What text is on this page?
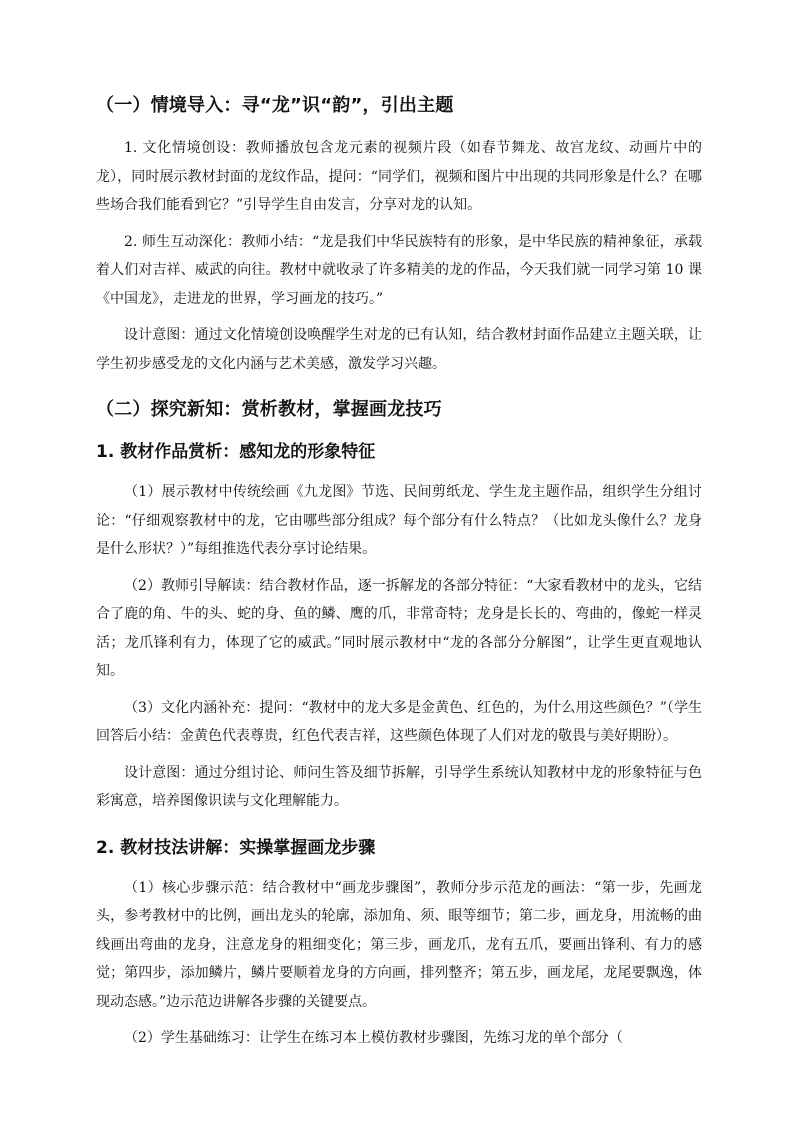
（一）情境导入：寻“龙”识“韵”，引出主题

1. 文化情境创设：教师播放包含龙元素的视频片段（如春节舞龙、故宫龙纹、动画片中的龙），同时展示教材封面的龙纹作品，提问：“同学们，视频和图片中出现的共同形象是什么？在哪些场合我们能看到它？”引导学生自由发言，分享对龙的认知。

2. 师生互动深化：教师小结：“龙是我们中华民族特有的形象，是中华民族的精神象征，承载着人们对吉祥、威武的向往。教材中就收录了许多精美的龙的作品，今天我们就一同学习第 10 课《中国龙》，走进龙的世界，学习画龙的技巧。”

设计意图：通过文化情境创设唤醒学生对龙的已有认知，结合教材封面作品建立主题关联，让学生初步感受龙的文化内涵与艺术美感，激发学习兴趣。

（二）探究新知：赏析教材，掌握画龙技巧
1. 教材作品赏析：感知龙的形象特征

（1）展示教材中传统绘画《九龙图》节选、民间剪纸龙、学生龙主题作品，组织学生分组讨论：“仔细观察教材中的龙，它由哪些部分组成？每个部分有什么特点？（比如龙头像什么？龙身是什么形状？）”每组推选代表分享讨论结果。

（2）教师引导解读：结合教材作品，逐一拆解龙的各部分特征：“大家看教材中的龙头，它结合了鹿的角、牛的头、蛇的身、鱼的鳞、鹰的爪，非常奇特；龙身是长长的、弯曲的，像蛇一样灵活；龙爪锋利有力，体现了它的威武。”同时展示教材中“龙的各部分分解图”，让学生更直观地认知。

（3）文化内涵补充：提问：“教材中的龙大多是金黄色、红色的，为什么用这些颜色？”（学生回答后小结：金黄色代表尊贵，红色代表吉祥，这些颜色体现了人们对龙的敬畏与美好期盼）。

设计意图：通过分组讨论、师问生答及细节拆解，引导学生系统认知教材中龙的形象特征与色彩寓意，培养图像识读与文化理解能力。

2. 教材技法讲解：实操掌握画龙步骤

（1）核心步骤示范：结合教材中“画龙步骤图”，教师分步示范龙的画法：“第一步，先画龙头，参考教材中的比例，画出龙头的轮廓，添加角、须、眼等细节；第二步，画龙身，用流畅的曲线画出弯曲的龙身，注意龙身的粗细变化；第三步，画龙爪，龙有五爪，要画出锋利、有力的感觉；第四步，添加鳞片，鳞片要顺着龙身的方向画，排列整齐；第五步，画龙尾，龙尾要飘逸，体现动态感。”边示范边讲解各步骤的关键要点。

（2）学生基础练习：让学生在练习本上模仿教材步骤图，先练习龙的单个部分（
